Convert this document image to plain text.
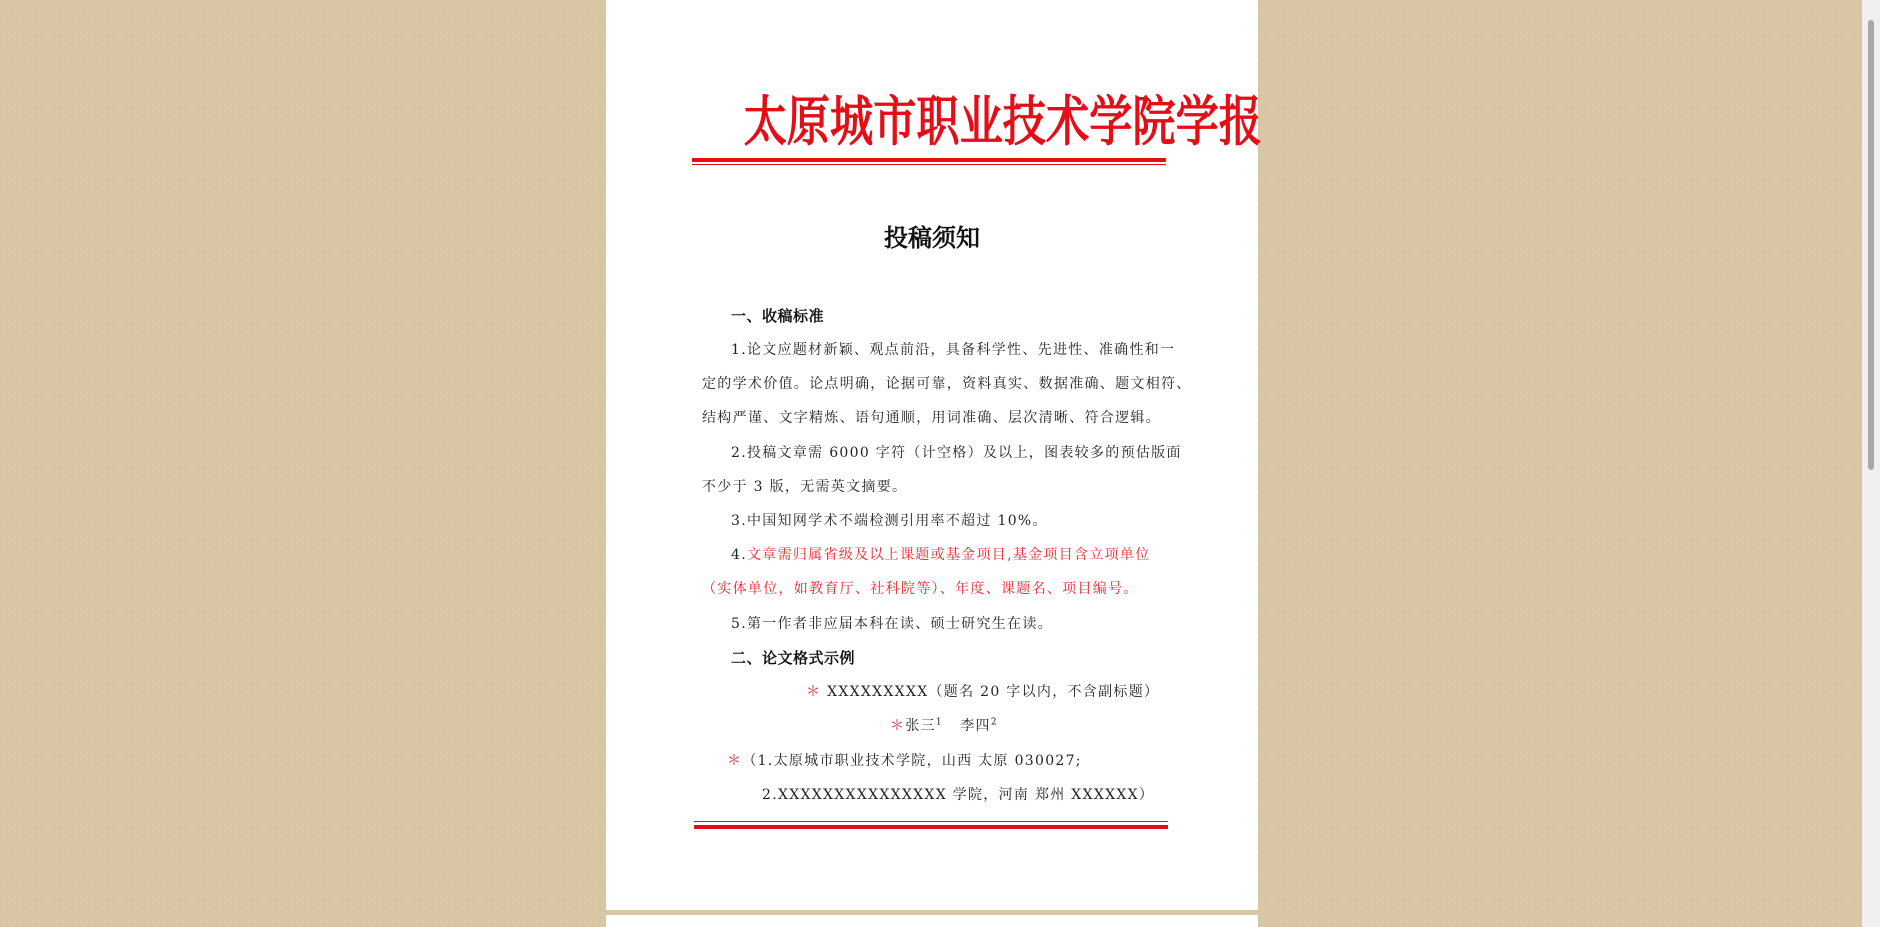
太原城市职业技术学院学报
投稿须知
一、收稿标准
1.论文应题材新颖、观点前沿，具备科学性、先进性、准确性和一
定的学术价值。论点明确，论据可靠，资料真实、数据准确、题文相符、
结构严谨、文字精炼、语句通顺，用词准确、层次清晰、符合逻辑。
2.投稿文章需 6000 字符（计空格）及以上，图表较多的预估版面
不少于 3 版，无需英文摘要。
3.中国知网学术不端检测引用率不超过 10%。
4.文章需归属省级及以上课题或基金项目,基金项目含立项单位
（实体单位，如教育厅、社科院等）、年度、课题名、项目编号。
5.第一作者非应届本科在读、硕士研究生在读。
二、论文格式示例
＊ XXXXXXXXX（题名 20 字以内，不含副标题）
＊张三$^1$ 李四$^2$
＊（1.太原城市职业技术学院，山西 太原 030027;
2.XXXXXXXXXXXXXXX 学院，河南 郑州 XXXXXX）
